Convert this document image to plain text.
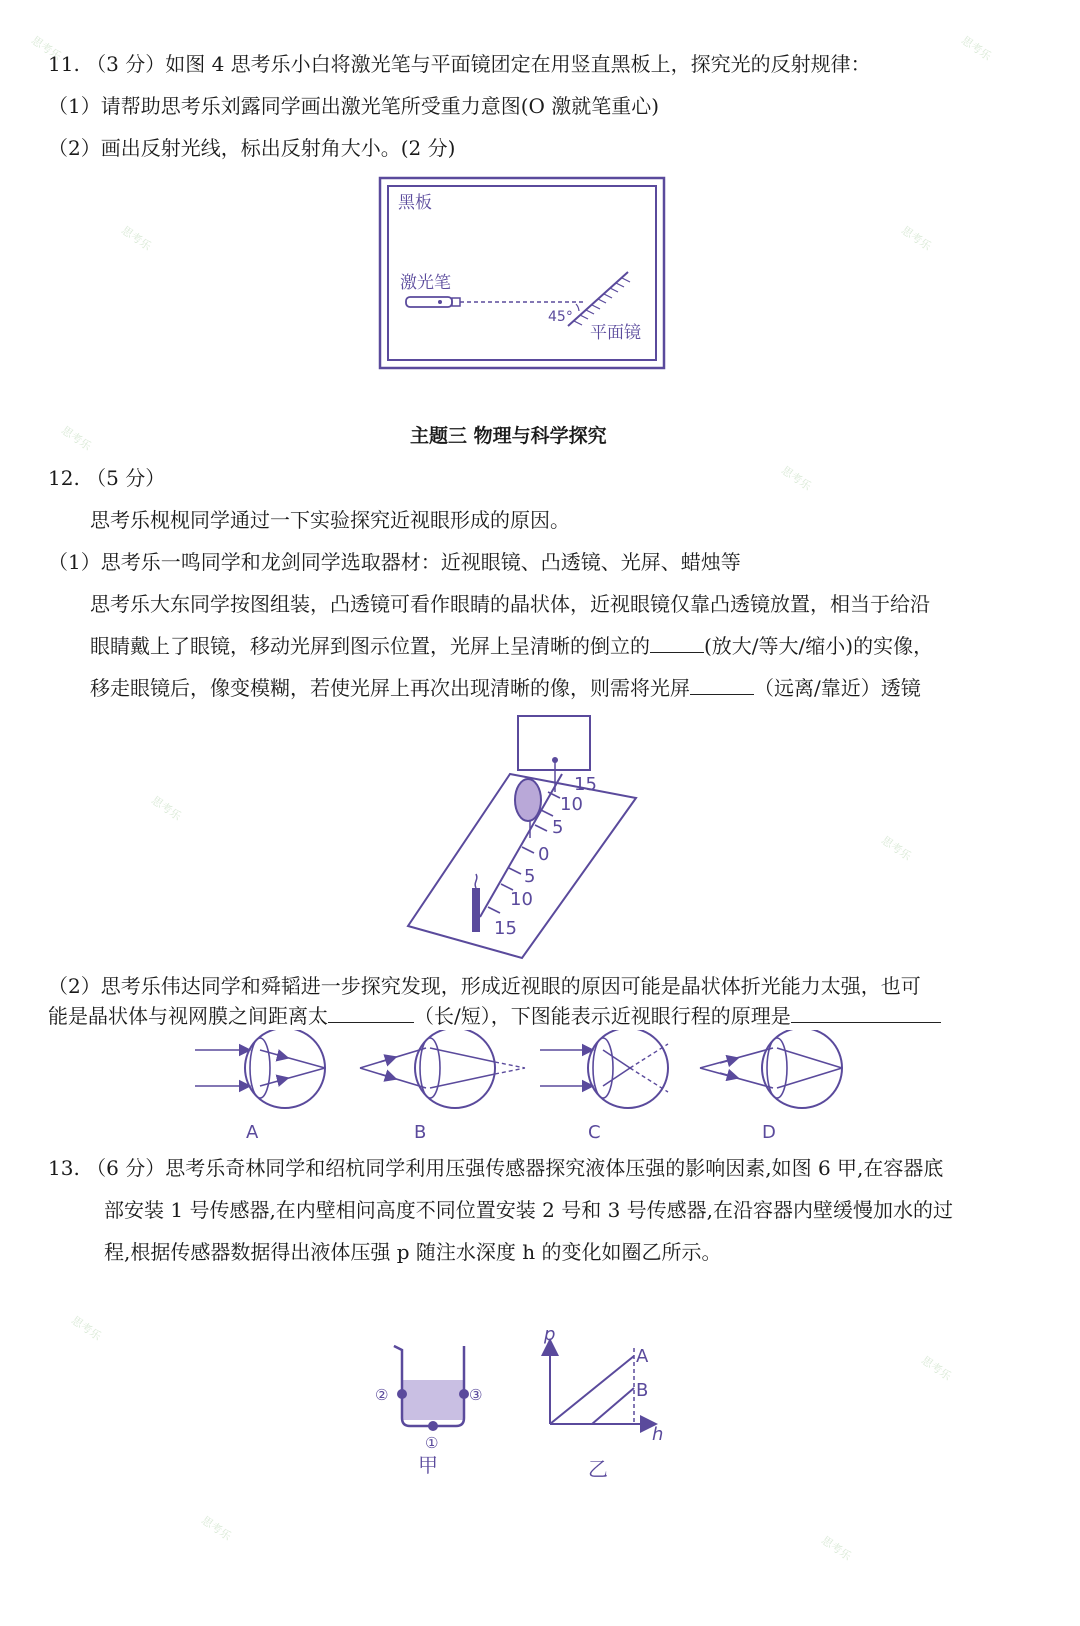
思考乐	思考乐
思考乐	思考乐
思考乐
思考乐
思考乐
思考乐
思考乐
思考乐
思考乐
思考乐
11. （3 分）如图 4 思考乐小白将激光笔与平面镜团定在用竖直黑板上，探究光的反射规律：
（1）请帮助思考乐刘露同学画出激光笔所受重力意图(O 激就笔重心)
（2）画出反射光线，标出反射角大小。(2 分)
黑板
激光笔
45°
平面镜
主题三 物理与科学探究
12. （5 分）
思考乐枧枧同学通过一下实验探究近视眼形成的原因。
（1）思考乐一鸣同学和龙剑同学选取器材：近视眼镜、凸透镜、光屏、蜡烛等
思考乐大东同学按图组装，凸透镜可看作眼睛的晶状体，近视眼镜仅靠凸透镜放置，相当于给沿
眼睛戴上了眼镜，移动光屏到图示位置，光屏上呈清晰的倒立的	(放大/等大/缩小)的实像，
移走眼镜后，像变模糊，若使光屏上再次出现清晰的像，则需将光屏	（远离/靠近）透镜
15
10
5
0
5
10
15
（2）思考乐伟达同学和舜韬进一步探究发现，形成近视眼的原因可能是晶状体折光能力太强，也可
能是晶状体与视网膜之间距离太	（长/短），下图能表示近视眼行程的原理是
A	B	C	D
13. （6 分）思考乐奇林同学和绍杭同学利用压强传感器探究液体压强的影响因素,如图 6 甲,在容器底
部安装 1 号传感器,在内壁相问高度不同位置安装 2 号和 3 号传感器,在沿容器内壁缓慢加水的过
程,根据传感器数据得出液体压强 p 随注水深度 h 的变化如圈乙所示。
②	③
①
甲
p
h
A
B
乙
